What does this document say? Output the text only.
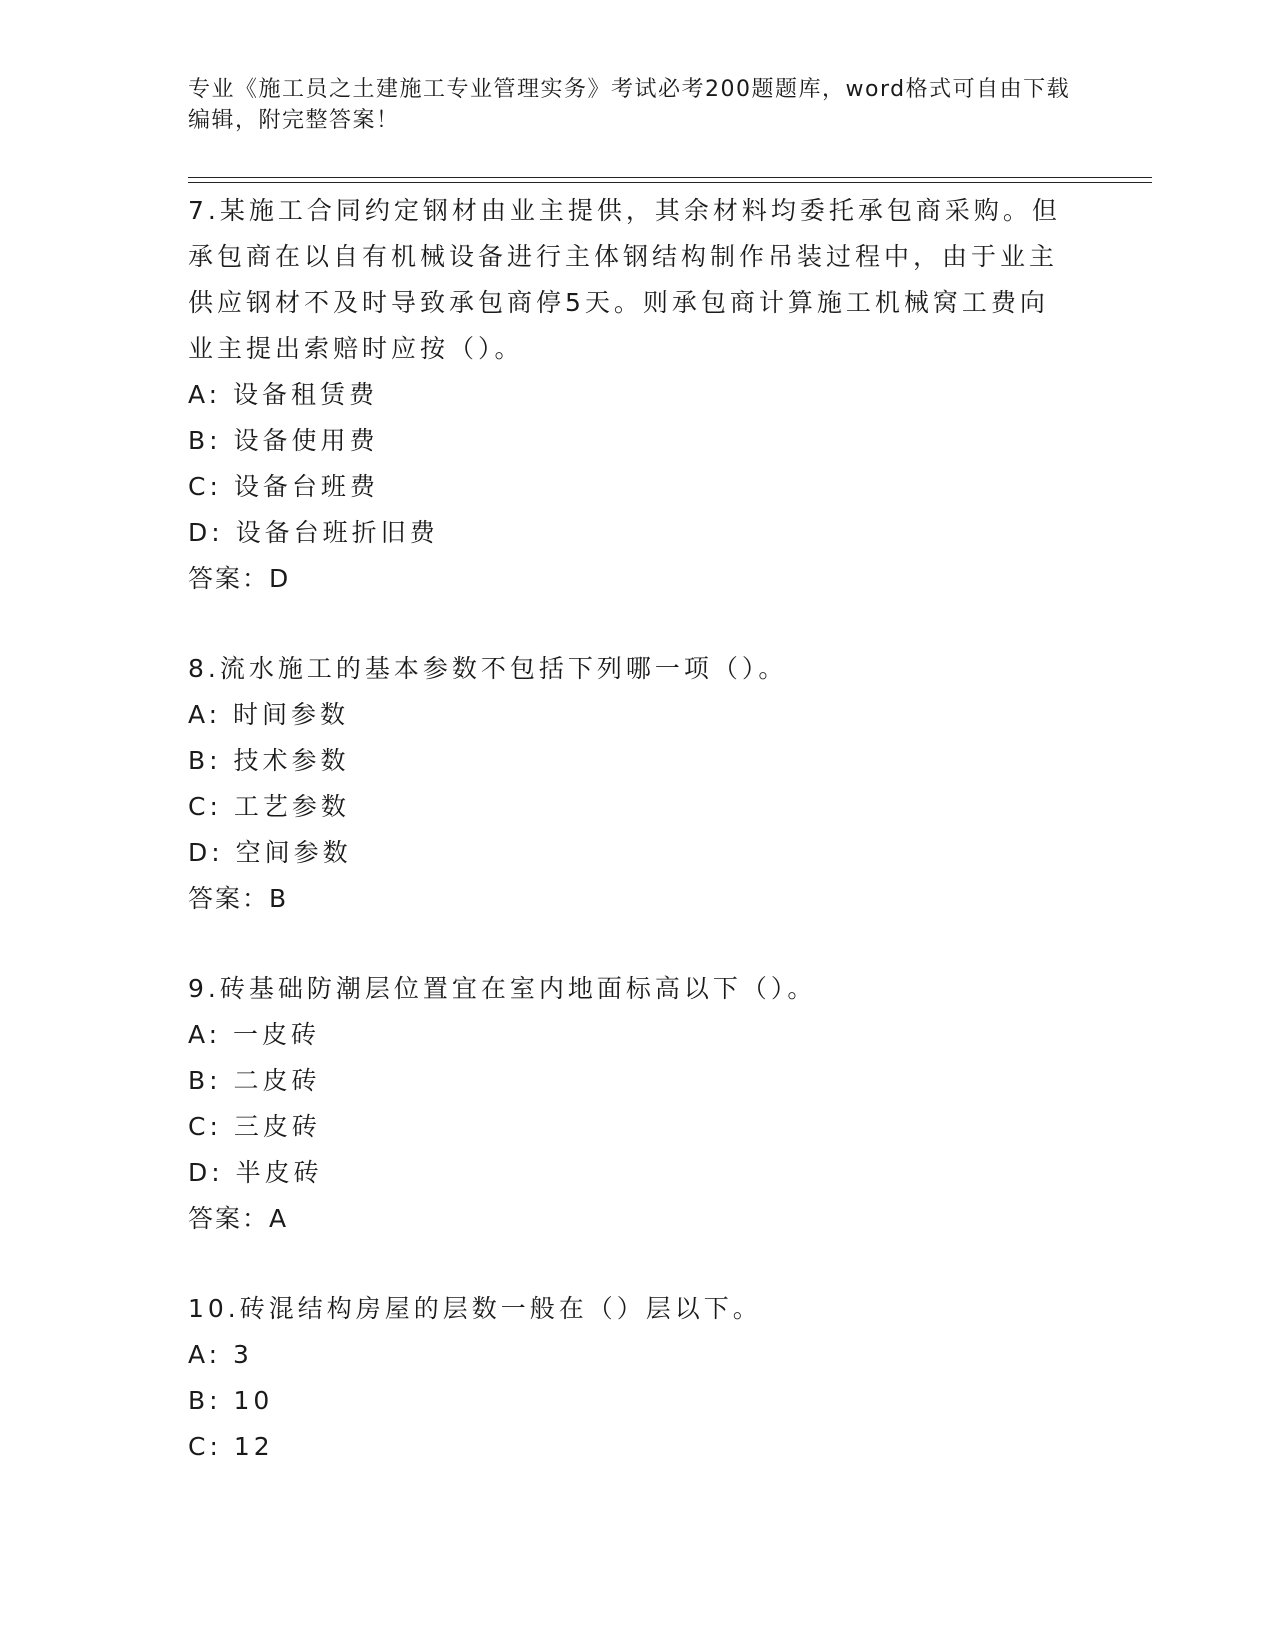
专业《施工员之土建施工专业管理实务》考试必考200题题库，word格式可自由下载编辑，附完整答案！

7.某施工合同约定钢材由业主提供，其余材料均委托承包商采购。但承包商在以自有机械设备进行主体钢结构制作吊装过程中，由于业主供应钢材不及时导致承包商停5天。则承包商计算施工机械窝工费向业主提出索赔时应按（）。

A: 设备租赁费

B: 设备使用费

C: 设备台班费

D: 设备台班折旧费

答案：D

8.流水施工的基本参数不包括下列哪一项（）。

A: 时间参数

B: 技术参数

C: 工艺参数

D: 空间参数

答案：B

9.砖基础防潮层位置宜在室内地面标高以下（）。

A: 一皮砖

B: 二皮砖

C: 三皮砖

D: 半皮砖

答案：A

10.砖混结构房屋的层数一般在（）层以下。

A: 3

B: 10

C: 12
